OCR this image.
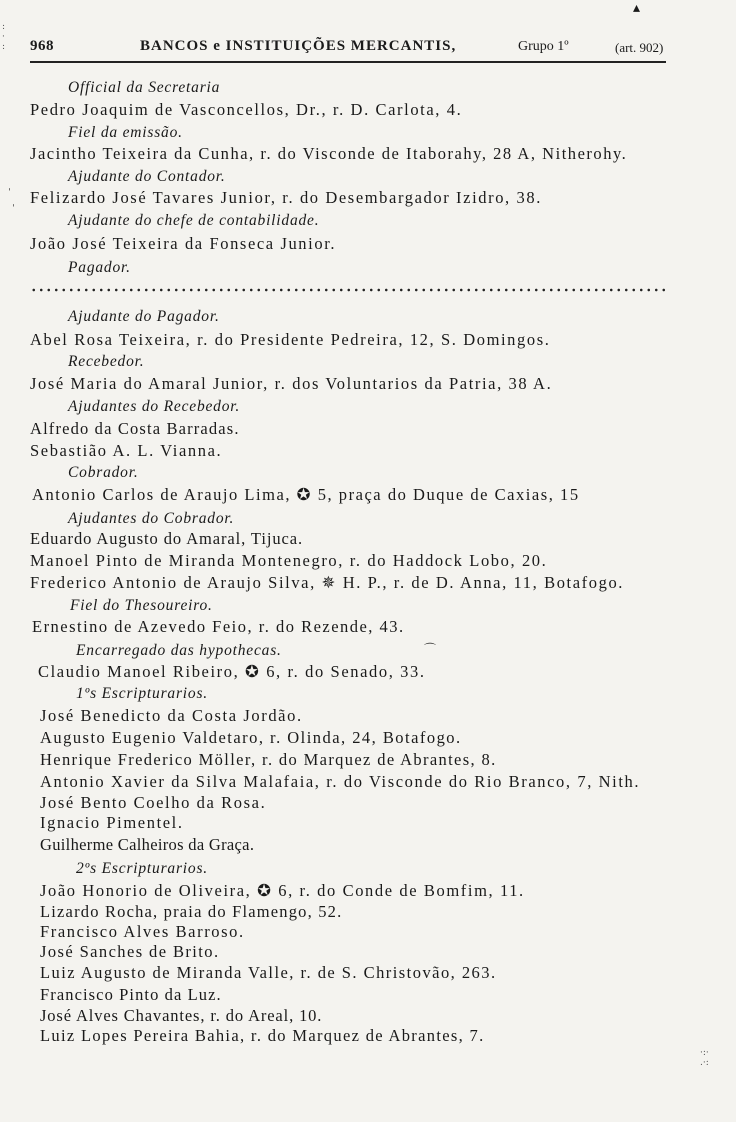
968	BANCOS e INSTITUIÇÕES MERCANTIS,	Grupo 1º	(art. 902)
Official da Secretaria
Pedro Joaquim de Vasconcellos, Dr., r. D. Carlota, 4.
Fiel da emissão.
Jacintho Teixeira da Cunha, r. do Visconde de Itaborahy, 28 A, Nitherohy.
Ajudante do Contador.
Felizardo José Tavares Junior, r. do Desembargador Izidro, 38.
Ajudante do chefe de contabilidade.
João José Teixeira da Fonseca Junior.
Pagador.
Ajudante do Pagador.
Abel Rosa Teixeira, r. do Presidente Pedreira, 12, S. Domingos.
Recebedor.
José Maria do Amaral Junior, r. dos Voluntarios da Patria, 38 A.
Ajudantes do Recebedor.
Alfredo da Costa Barradas.
Sebastião A. L. Vianna.
Cobrador.
Antonio Carlos de Araujo Lima, ✪ 5, praça do Duque de Caxias, 15
Ajudantes do Cobrador.
Eduardo Augusto do Amaral, Tijuca.
Manoel Pinto de Miranda Montenegro, r. do Haddock Lobo, 20.
Frederico Antonio de Araujo Silva, ✵ H. P., r. de D. Anna, 11, Botafogo.
Fiel do Thesoureiro.
Ernestino de Azevedo Feio, r. do Rezende, 43.
Encarregado das hypothecas.
Claudio Manoel Ribeiro, ✪ 6, r. do Senado, 33.
1ºs Escripturarios.
José Benedicto da Costa Jordão.
Augusto Eugenio Valdetaro, r. Olinda, 24, Botafogo.
Henrique Frederico Möller, r. do Marquez de Abrantes, 8.
Antonio Xavier da Silva Malafaia, r. do Visconde do Rio Branco, 7, Nith.
José Bento Coelho da Rosa.
Ignacio Pimentel.
Guilherme Calheiros da Graça.
2ºs Escripturarios.
João Honorio de Oliveira, ✪ 6, r. do Conde de Bomfim, 11.
Lizardo Rocha, praia do Flamengo, 52.
Francisco Alves Barroso.
José Sanches de Brito.
Luiz Augusto de Miranda Valle, r. de S. Christovão, 263.
Francisco Pinto da Luz.
José Alves Chavantes, r. do Areal, 10.
Luiz Lopes Pereira Bahia, r. do Marquez de Abrantes, 7.
▴
ˈ
ˈ
⌒
·:·
.·:
:
·
:
